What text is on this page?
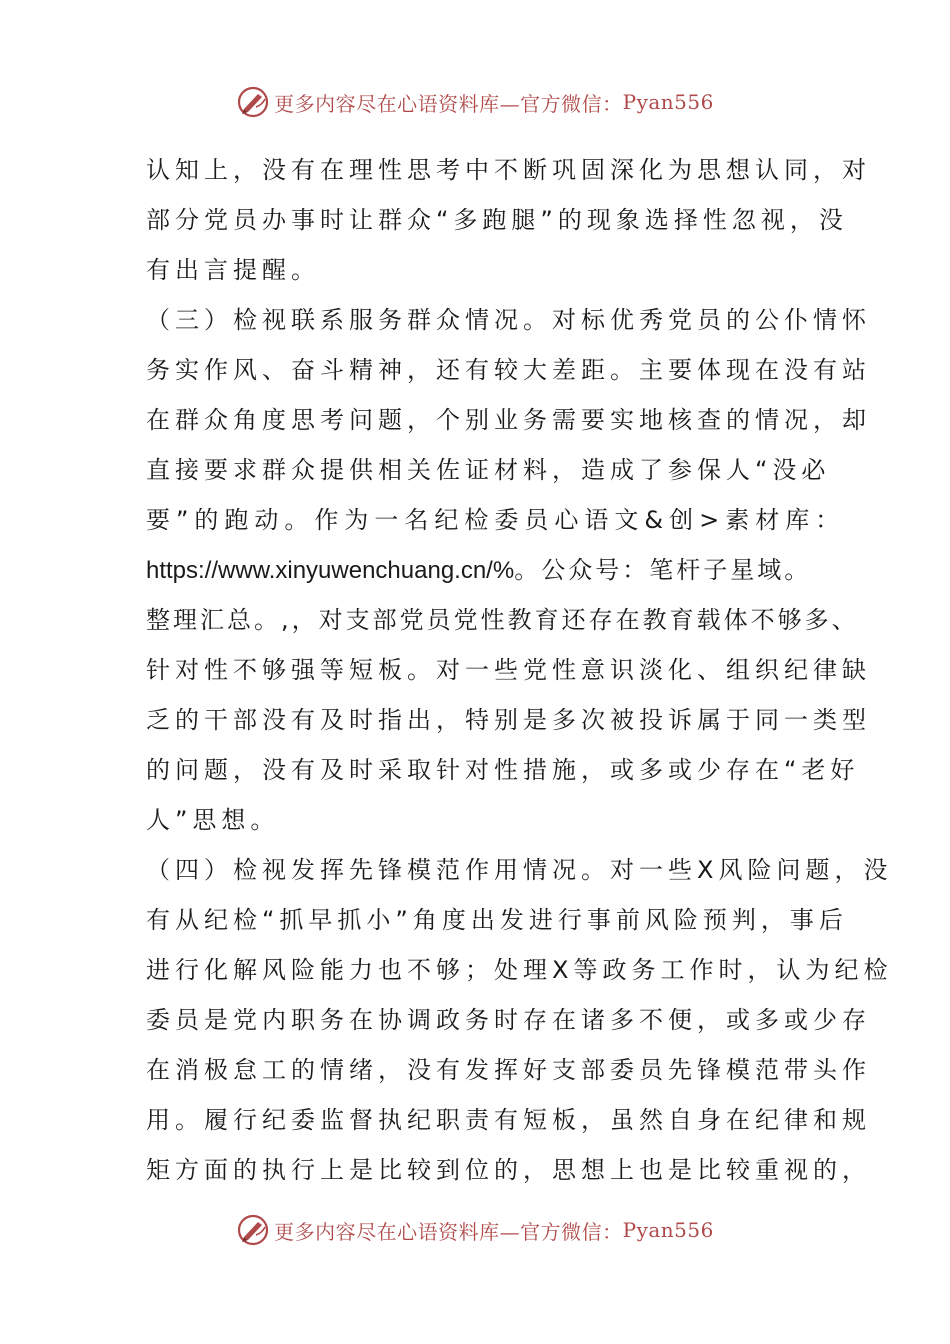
更多内容尽在心语资料库—官方微信： Pyan556
认知上，没有在理性思考中不断巩固深化为思想认同，对
部分党员办事时让群众“多跑腿”的现象选择性忽视，没
有出言提醒。
（三）检视联系服务群众情况。对标优秀党员的公仆情怀
务实作风、奋斗精神，还有较大差距。主要体现在没有站
在群众角度思考问题，个别业务需要实地核查的情况，却
直接要求群众提供相关佐证材料，造成了参保人“没必
要”的跑动。作为一名纪检委员心语文&创>素材库：
https://www.xinyuwenchuang.cn/%。公众号：笔杆子星域。
整理汇总。,，对支部党员党性教育还存在教育载体不够多、
针对性不够强等短板。对一些党性意识淡化、组织纪律缺
乏的干部没有及时指出，特别是多次被投诉属于同一类型
的问题，没有及时采取针对性措施，或多或少存在“老好
人”思想。
（四）检视发挥先锋模范作用情况。对一些X风险问题，没
有从纪检“抓早抓小”角度出发进行事前风险预判，事后
进行化解风险能力也不够；处理X等政务工作时，认为纪检
委员是党内职务在协调政务时存在诸多不便，或多或少存
在消极怠工的情绪，没有发挥好支部委员先锋模范带头作
用。履行纪委监督执纪职责有短板，虽然自身在纪律和规
矩方面的执行上是比较到位的，思想上也是比较重视的，
更多内容尽在心语资料库—官方微信： Pyan556
